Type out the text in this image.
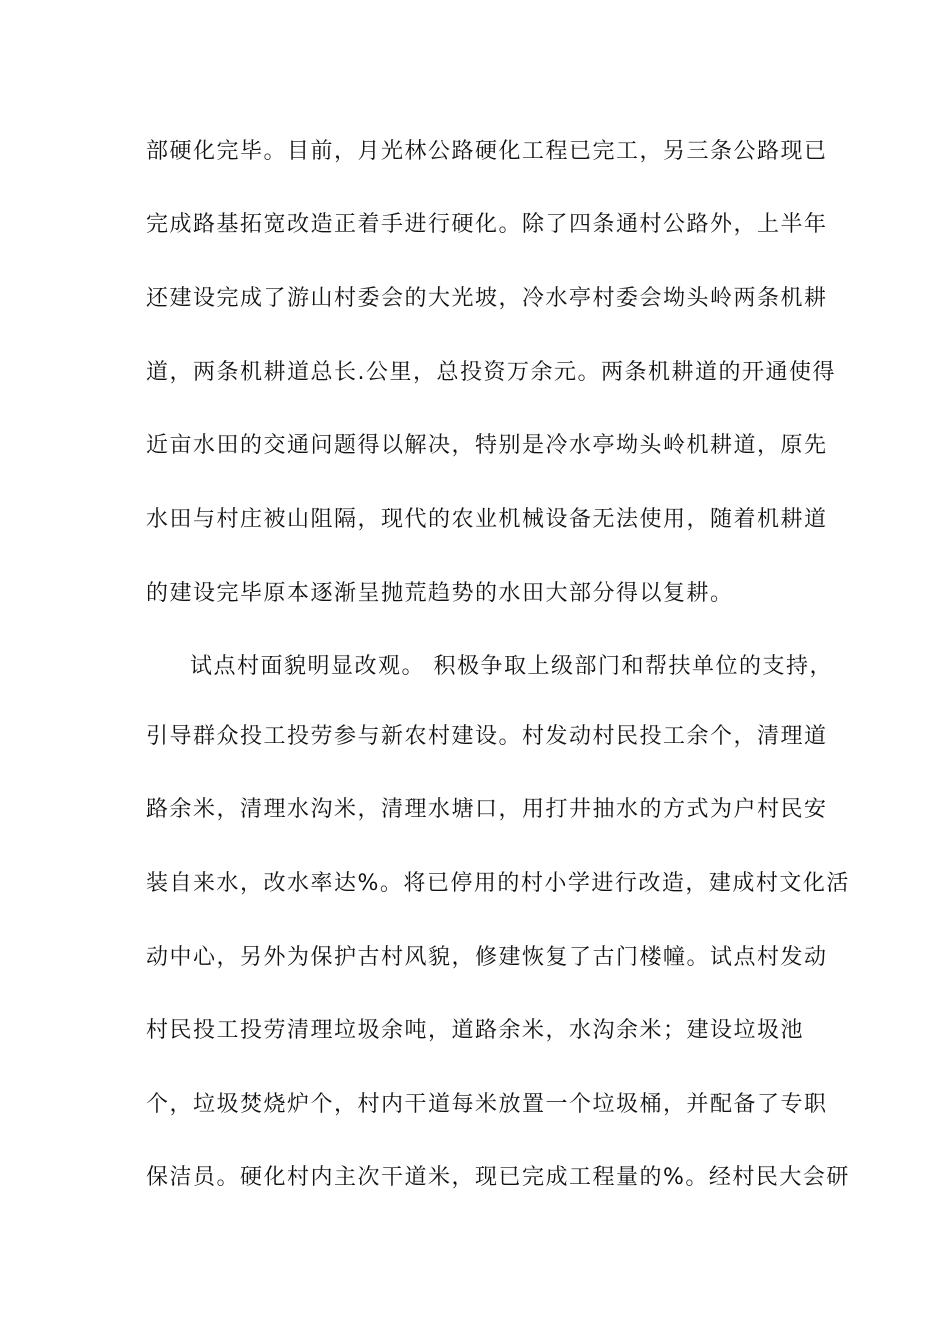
部硬化完毕。目前，月光林公路硬化工程已完工，另三条公路现已
完成路基拓宽改造正着手进行硬化。除了四条通村公路外，上半年
还建设完成了游山村委会的大光坡，冷水亭村委会坳头岭两条机耕
道，两条机耕道总长.公里，总投资万余元。两条机耕道的开通使得
近亩水田的交通问题得以解决，特别是冷水亭坳头岭机耕道，原先
水田与村庄被山阻隔，现代的农业机械设备无法使用，随着机耕道
的建设完毕原本逐渐呈抛荒趋势的水田大部分得以复耕。
试点村面貌明显改观。 积极争取上级部门和帮扶单位的支持，
引导群众投工投劳参与新农村建设。村发动村民投工余个，清理道
路余米，清理水沟米，清理水塘口，用打井抽水的方式为户村民安
装自来水，改水率达%。将已停用的村小学进行改造，建成村文化活
动中心，另外为保护古村风貌，修建恢复了古门楼幢。试点村发动
村民投工投劳清理垃圾余吨，道路余米，水沟余米；建设垃圾池
个，垃圾焚烧炉个，村内干道每米放置一个垃圾桶，并配备了专职
保洁员。硬化村内主次干道米，现已完成工程量的%。经村民大会研
